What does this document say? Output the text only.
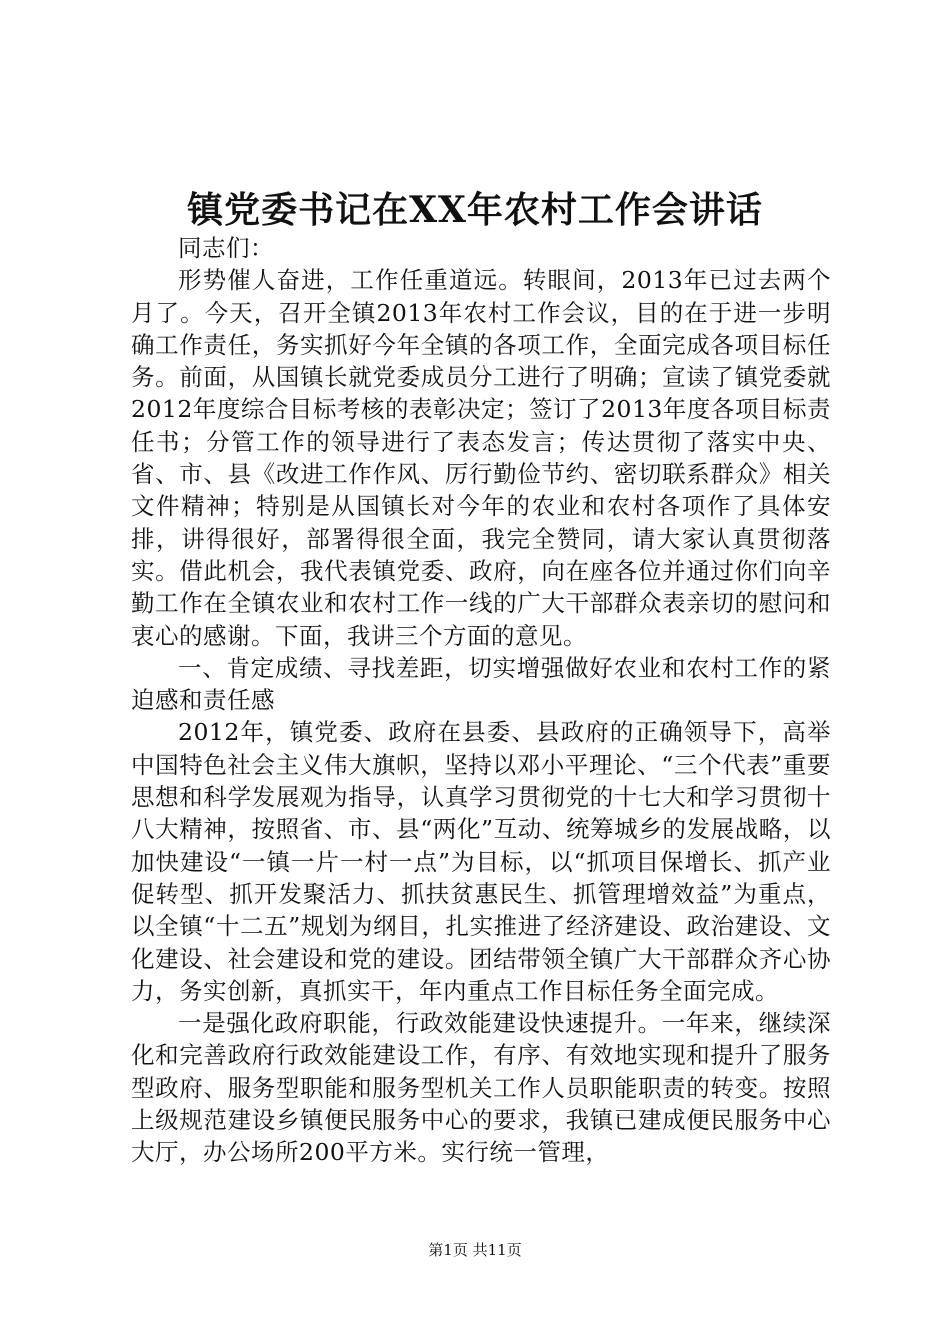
镇党委书记在XX年农村工作会讲话

同志们：

形势催人奋进，工作任重道远。转眼间，2013年已过去两个月了。今天，召开全镇2013年农村工作会议，目的在于进一步明确工作责任，务实抓好今年全镇的各项工作，全面完成各项目标任务。前面，从国镇长就党委成员分工进行了明确；宣读了镇党委就2012年度综合目标考核的表彰决定；签订了2013年度各项目标责任书；分管工作的领导进行了表态发言；传达贯彻了落实中央、省、市、县《改进工作作风、厉行勤俭节约、密切联系群众》相关文件精神；特别是从国镇长对今年的农业和农村各项作了具体安排，讲得很好，部署得很全面，我完全赞同，请大家认真贯彻落实。借此机会，我代表镇党委、政府，向在座各位并通过你们向辛勤工作在全镇农业和农村工作一线的广大干部群众表亲切的慰问和衷心的感谢。下面，我讲三个方面的意见。

一、肯定成绩、寻找差距，切实增强做好农业和农村工作的紧迫感和责任感

2012年，镇党委、政府在县委、县政府的正确领导下，高举中国特色社会主义伟大旗帜，坚持以邓小平理论、“三个代表”重要思想和科学发展观为指导，认真学习贯彻党的十七大和学习贯彻十八大精神，按照省、市、县“两化”互动、统筹城乡的发展战略，以加快建设“一镇一片一村一点”为目标，以“抓项目保增长、抓产业促转型、抓开发聚活力、抓扶贫惠民生、抓管理增效益”为重点，以全镇“十二五”规划为纲目，扎实推进了经济建设、政治建设、文化建设、社会建设和党的建设。团结带领全镇广大干部群众齐心协力，务实创新，真抓实干，年内重点工作目标任务全面完成。

一是强化政府职能，行政效能建设快速提升。一年来，继续深化和完善政府行政效能建设工作，有序、有效地实现和提升了服务型政府、服务型职能和服务型机关工作人员职能职责的转变。按照上级规范建设乡镇便民服务中心的要求，我镇已建成便民服务中心大厅，办公场所200平方米。实行统一管理，

第1页 共11页
